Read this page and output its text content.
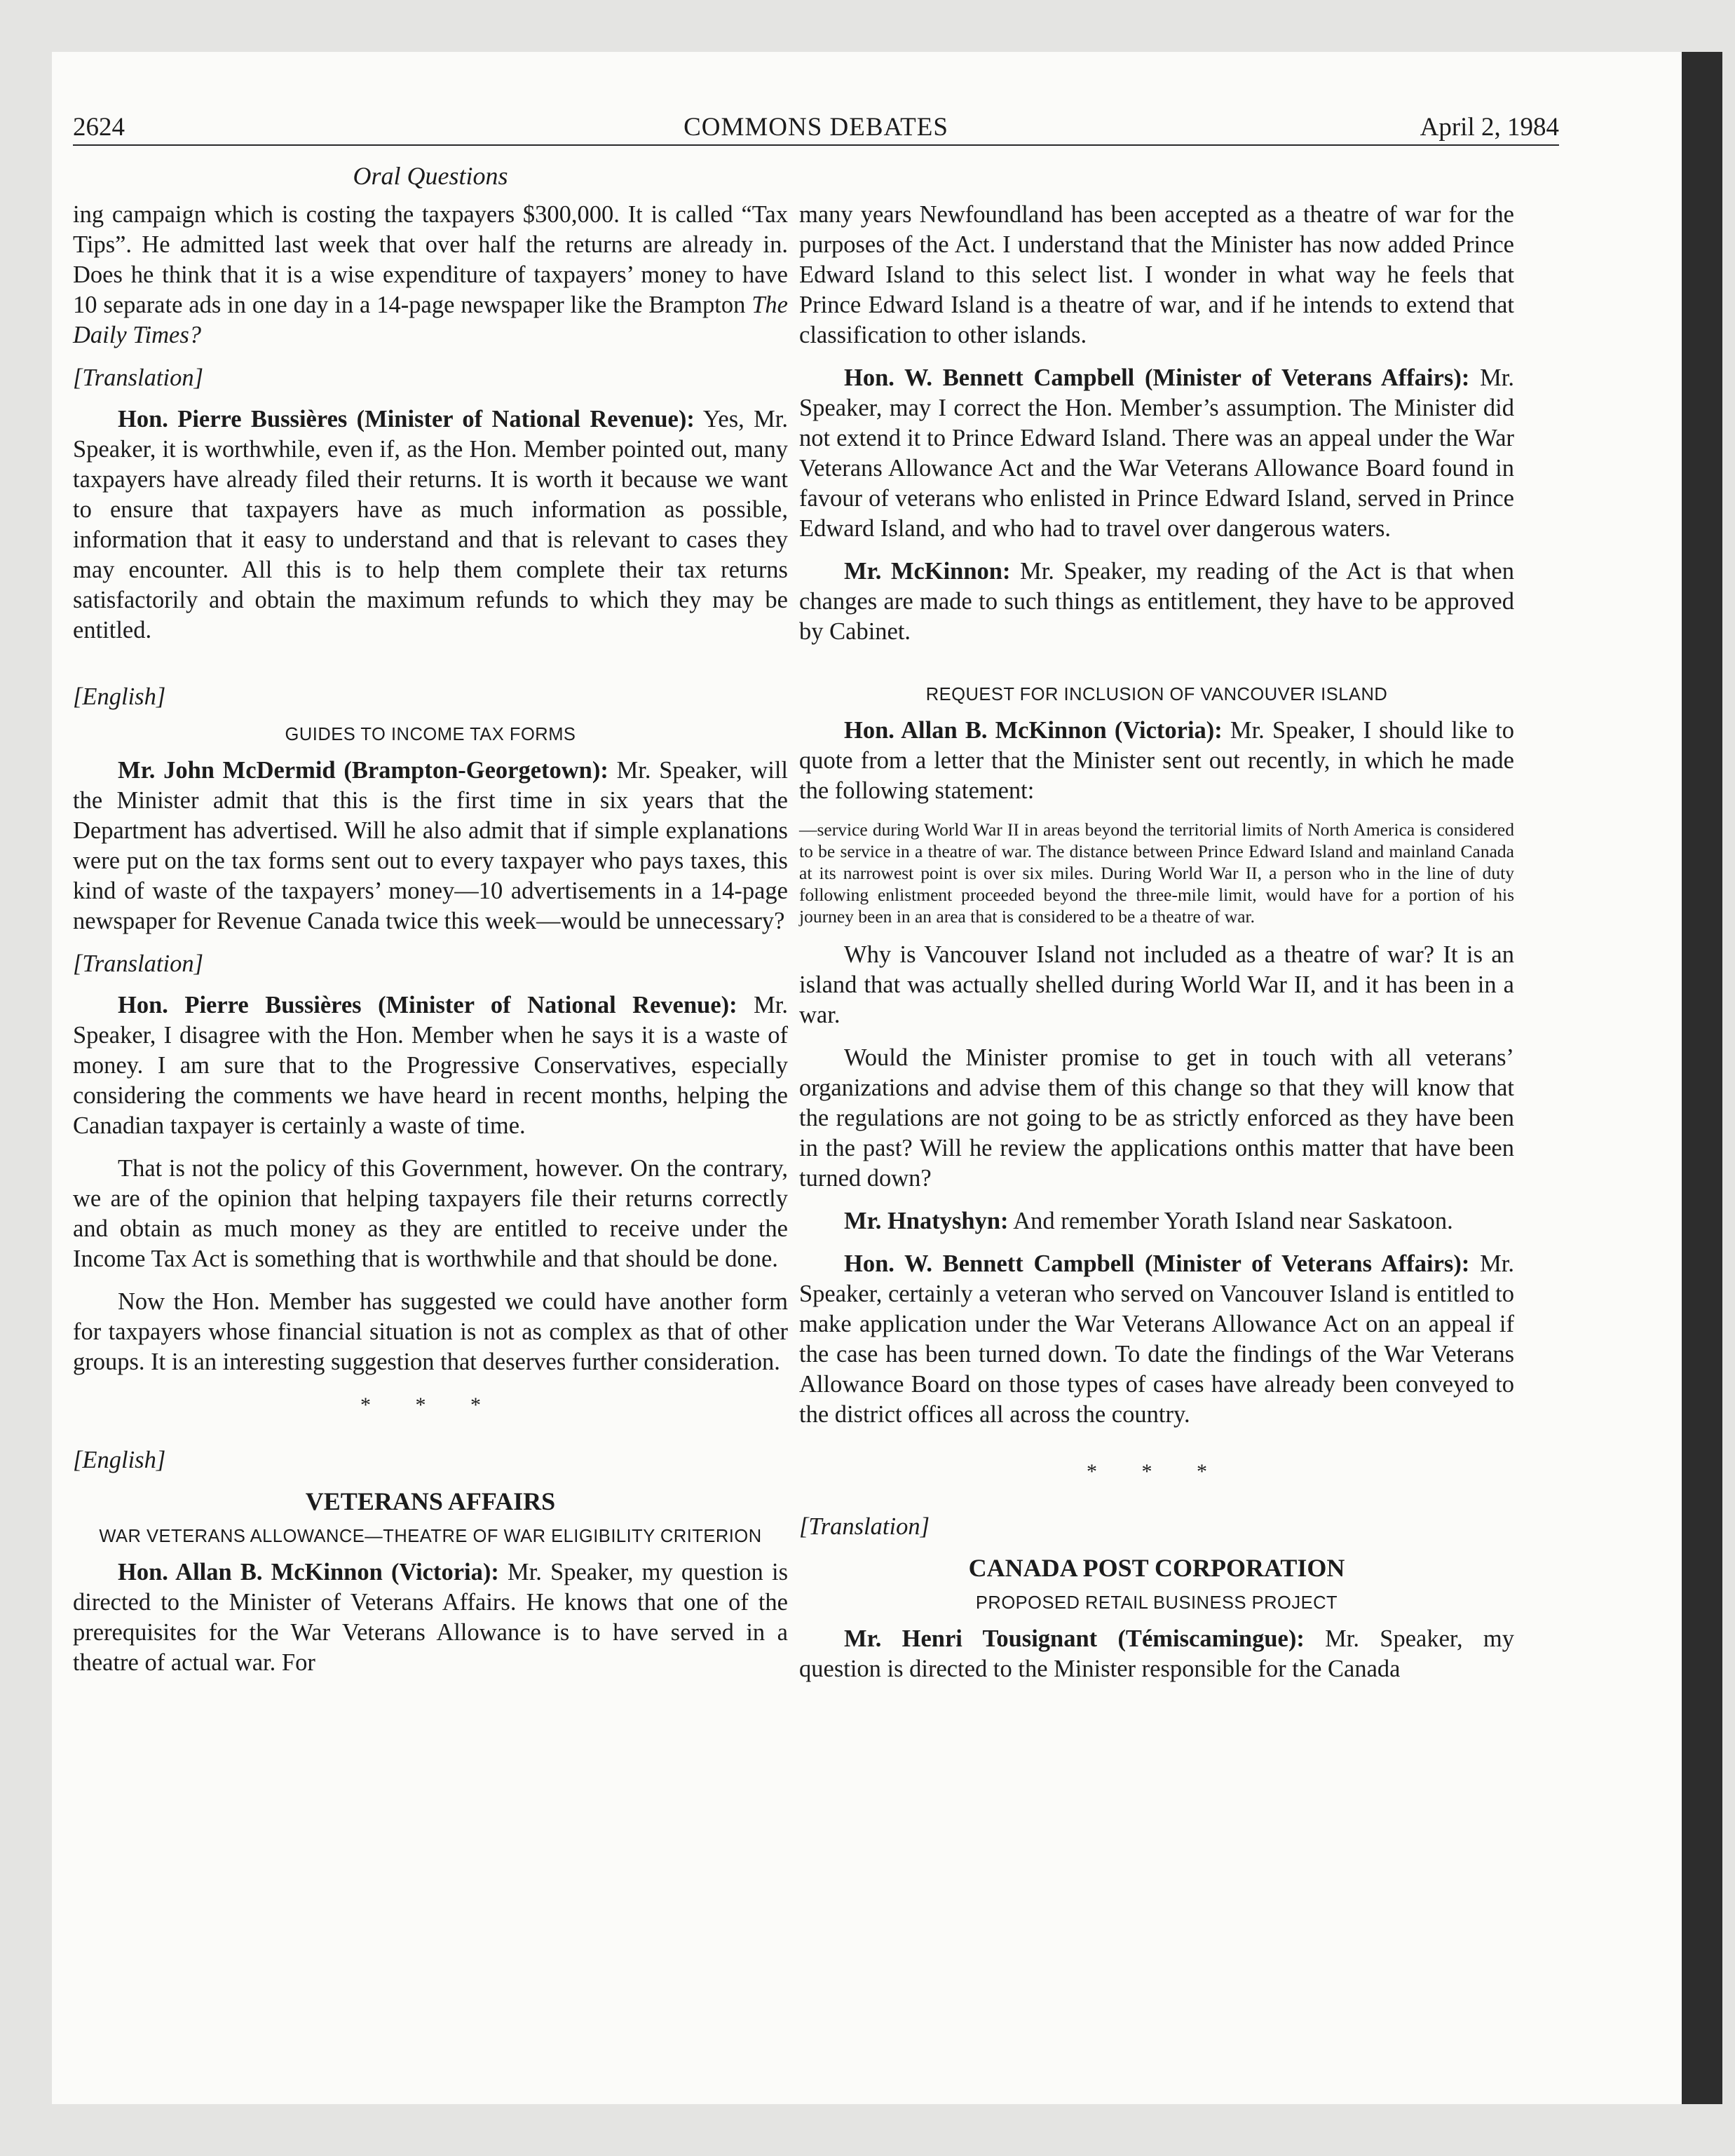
2624	COMMONS DEBATES	April 2, 1984
Oral Questions

ing campaign which is costing the taxpayers $300,000. It is called “Tax Tips”. He admitted last week that over half the returns are already in. Does he think that it is a wise expenditure of taxpayers’ money to have 10 separate ads in one day in a 14-page newspaper like the Brampton The Daily Times?

[Translation]

Hon. Pierre Bussières (Minister of National Revenue): Yes, Mr. Speaker, it is worthwhile, even if, as the Hon. Member pointed out, many taxpayers have already filed their returns. It is worth it because we want to ensure that taxpayers have as much information as possible, information that it easy to understand and that is relevant to cases they may encounter. All this is to help them complete their tax returns satisfactorily and obtain the maximum refunds to which they may be entitled.

[English]
GUIDES TO INCOME TAX FORMS

Mr. John McDermid (Brampton-Georgetown): Mr. Speaker, will the Minister admit that this is the first time in six years that the Department has advertised. Will he also admit that if simple explanations were put on the tax forms sent out to every taxpayer who pays taxes, this kind of waste of the taxpayers’ money—10 advertisements in a 14-page newspaper for Revenue Canada twice this week—would be unnecessary?

[Translation]

Hon. Pierre Bussières (Minister of National Revenue): Mr. Speaker, I disagree with the Hon. Member when he says it is a waste of money. I am sure that to the Progressive Conservatives, especially considering the comments we have heard in recent months, helping the Canadian taxpayer is certainly a waste of time.

That is not the policy of this Government, however. On the contrary, we are of the opinion that helping taxpayers file their returns correctly and obtain as much money as they are entitled to receive under the Income Tax Act is something that is worthwhile and that should be done.

Now the Hon. Member has suggested we could have another form for taxpayers whose financial situation is not as complex as that of other groups. It is an interesting suggestion that deserves further consideration.

* * *
[English]
VETERANS AFFAIRS
WAR VETERANS ALLOWANCE—THEATRE OF WAR ELIGIBILITY CRITERION

Hon. Allan B. McKinnon (Victoria): Mr. Speaker, my question is directed to the Minister of Veterans Affairs. He knows that one of the prerequisites for the War Veterans Allowance is to have served in a theatre of actual war. For

many years Newfoundland has been accepted as a theatre of war for the purposes of the Act. I understand that the Minister has now added Prince Edward Island to this select list. I wonder in what way he feels that Prince Edward Island is a theatre of war, and if he intends to extend that classification to other islands.

Hon. W. Bennett Campbell (Minister of Veterans Affairs): Mr. Speaker, may I correct the Hon. Member’s assumption. The Minister did not extend it to Prince Edward Island. There was an appeal under the War Veterans Allowance Act and the War Veterans Allowance Board found in favour of veterans who enlisted in Prince Edward Island, served in Prince Edward Island, and who had to travel over dangerous waters.

Mr. McKinnon: Mr. Speaker, my reading of the Act is that when changes are made to such things as entitlement, they have to be approved by Cabinet.

REQUEST FOR INCLUSION OF VANCOUVER ISLAND

Hon. Allan B. McKinnon (Victoria): Mr. Speaker, I should like to quote from a letter that the Minister sent out recently, in which he made the following statement:

—service during World War II in areas beyond the territorial limits of North America is considered to be service in a theatre of war. The distance between Prince Edward Island and mainland Canada at its narrowest point is over six miles. During World War II, a person who in the line of duty following enlistment proceeded beyond the three-mile limit, would have for a portion of his journey been in an area that is considered to be a theatre of war.

Why is Vancouver Island not included as a theatre of war? It is an island that was actually shelled during World War II, and it has been in a war.

Would the Minister promise to get in touch with all veterans’ organizations and advise them of this change so that they will know that the regulations are not going to be as strictly enforced as they have been in the past? Will he review the applications onthis matter that have been turned down?

Mr. Hnatyshyn: And remember Yorath Island near Saskatoon.

Hon. W. Bennett Campbell (Minister of Veterans Affairs): Mr. Speaker, certainly a veteran who served on Vancouver Island is entitled to make application under the War Veterans Allowance Act on an appeal if the case has been turned down. To date the findings of the War Veterans Allowance Board on those types of cases have already been conveyed to the district offices all across the country.

* * *
[Translation]
CANADA POST CORPORATION
PROPOSED RETAIL BUSINESS PROJECT

Mr. Henri Tousignant (Témiscamingue): Mr. Speaker, my question is directed to the Minister responsible for the Canada
